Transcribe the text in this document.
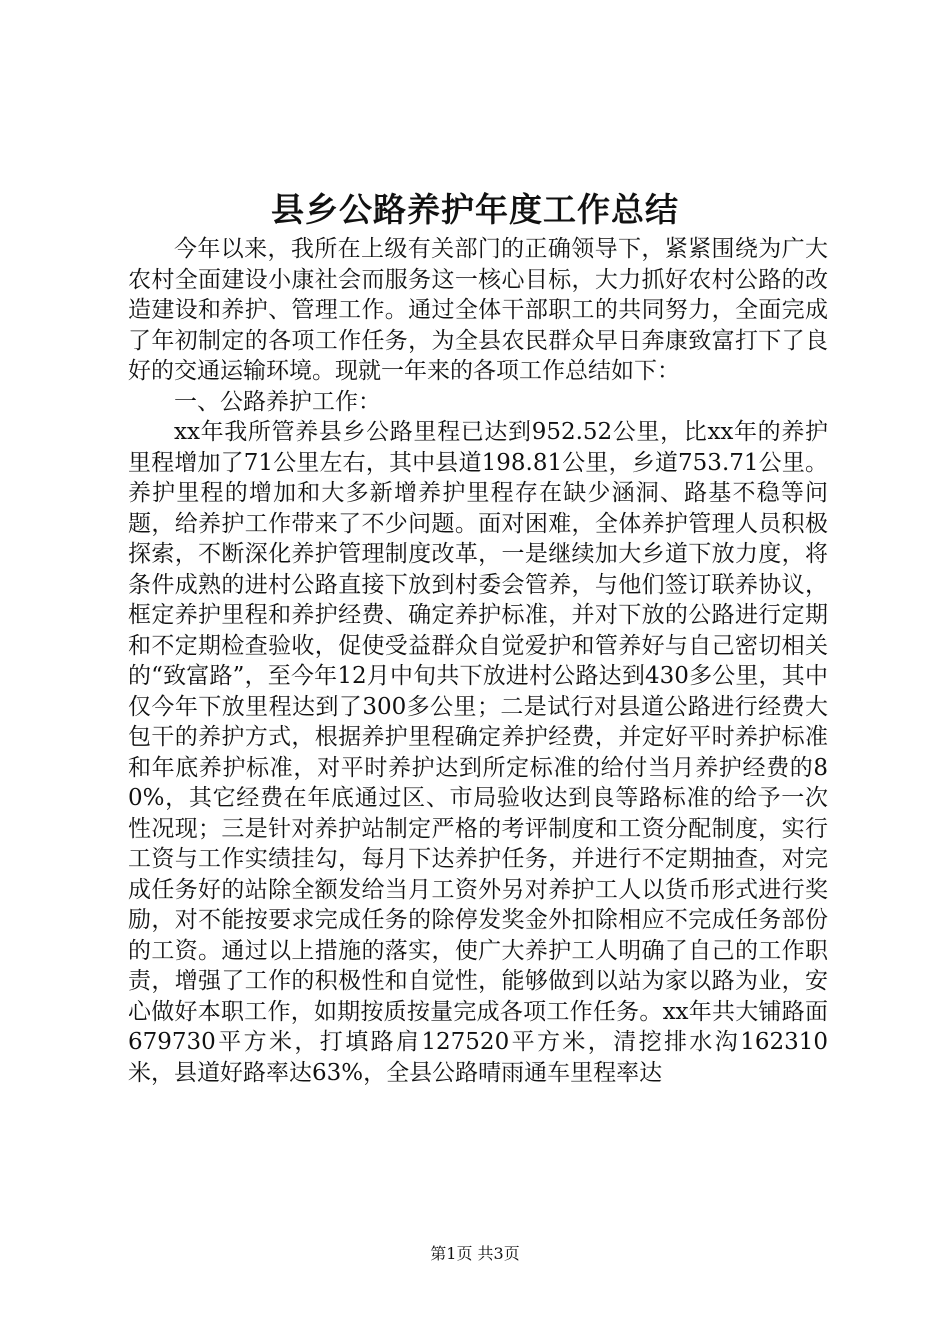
县乡公路养护年度工作总结

今年以来，我所在上级有关部门的正确领导下，紧紧围绕为广大农村全面建设小康社会而服务这一核心目标，大力抓好农村公路的改造建设和养护、管理工作。通过全体干部职工的共同努力，全面完成了年初制定的各项工作任务，为全县农民群众早日奔康致富打下了良好的交通运输环境。现就一年来的各项工作总结如下：

一、公路养护工作：

xx年我所管养县乡公路里程已达到952.52公里，比xx年的养护里程增加了71公里左右，其中县道198.81公里，乡道753.71公里。养护里程的增加和大多新增养护里程存在缺少涵洞、路基不稳等问题，给养护工作带来了不少问题。面对困难，全体养护管理人员积极探索，不断深化养护管理制度改革，一是继续加大乡道下放力度，将条件成熟的进村公路直接下放到村委会管养，与他们签订联养协议，框定养护里程和养护经费、确定养护标准，并对下放的公路进行定期和不定期检查验收，促使受益群众自觉爱护和管养好与自己密切相关的“致富路”，至今年12月中旬共下放进村公路达到430多公里，其中仅今年下放里程达到了300多公里；二是试行对县道公路进行经费大包干的养护方式，根据养护里程确定养护经费，并定好平时养护标准和年底养护标准，对平时养护达到所定标准的给付当月养护经费的80%，其它经费在年底通过区、市局验收达到良等路标准的给予一次性况现；三是针对养护站制定严格的考评制度和工资分配制度，实行工资与工作实绩挂勾，每月下达养护任务，并进行不定期抽查，对完成任务好的站除全额发给当月工资外另对养护工人以货币形式进行奖励，对不能按要求完成任务的除停发奖金外扣除相应不完成任务部份的工资。通过以上措施的落实，使广大养护工人明确了自己的工作职责，增强了工作的积极性和自觉性，能够做到以站为家以路为业，安心做好本职工作，如期按质按量完成各项工作任务。xx年共大铺路面679730平方米，打填路肩127520平方米，清挖排水沟162310米，县道好路率达63%，全县公路晴雨通车里程率达

第1页 共3页
